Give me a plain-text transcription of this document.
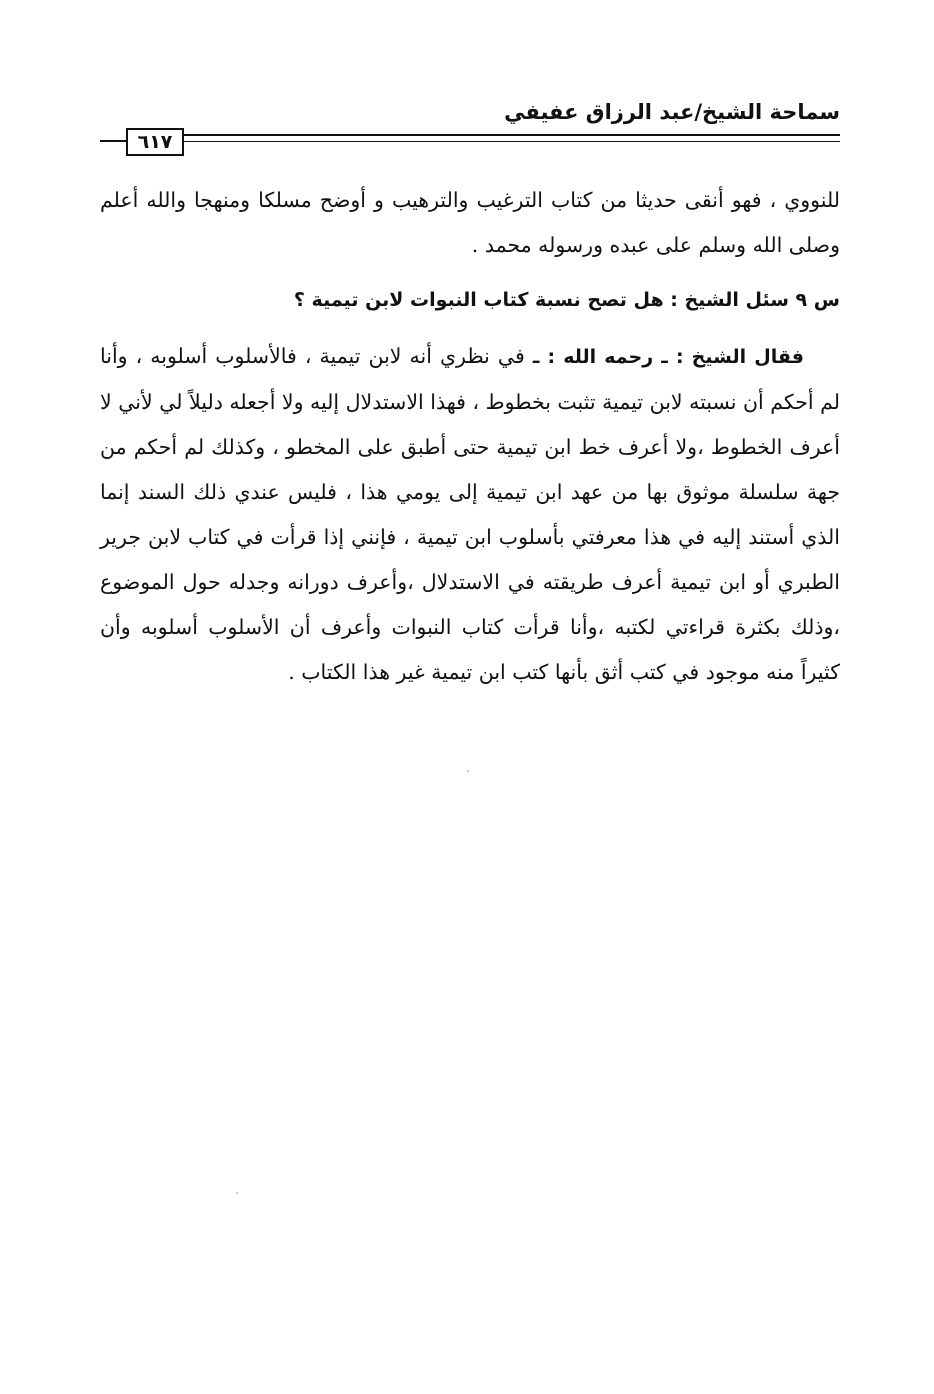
سماحة الشيخ/عبد الرزاق عفيفي
٦١٧

للنووي ، فهو أنقى حديثا من كتاب الترغيب والترهيب و أوضح مسلكا ومنهجا والله أعلم وصلى الله وسلم على عبده ورسوله محمد .

س ٩ سئل الشيخ : هل تصح نسبة كتاب النبوات لابن تيمية ؟

فقال الشيخ : ـ رحمه الله : ـ في نظري أنه لابن تيمية ، فالأسلوب أسلوبه ، وأنا لم أحكم أن نسبته لابن تيمية تثبت بخطوط ، فهذا الاستدلال إليه ولا أجعله دليلاً لي لأني لا أعرف الخطوط ،ولا أعرف خط ابن تيمية حتى أطبق على المخطو ، وكذلك لم أحكم من جهة سلسلة موثوق بها من عهد ابن تيمية إلى يومي هذا ، فليس عندي ذلك السند إنما الذي أستند إليه في هذا معرفتي بأسلوب ابن تيمية ، فإنني إذا قرأت في كتاب لابن جرير الطبري أو ابن تيمية أعرف طريقته في الاستدلال ،وأعرف دورانه وجدله حول الموضوع ،وذلك بكثرة قراءتي لكتبه ،وأنا قرأت كتاب النبوات وأعرف أن الأسلوب أسلوبه وأن كثيراً منه موجود في كتب أثق بأنها كتب ابن تيمية غير هذا الكتاب .
